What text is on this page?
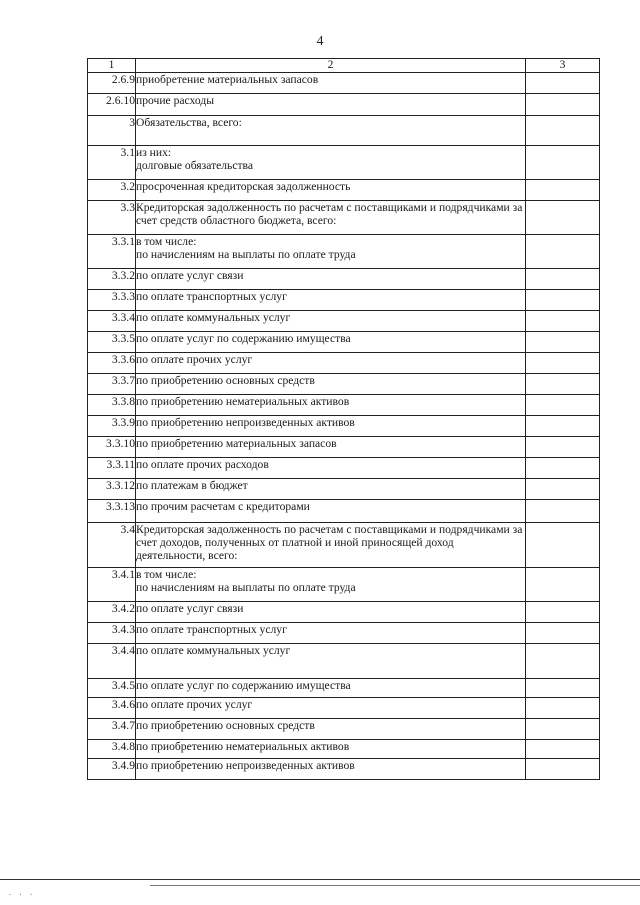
4
1	2	3
2.6.9	приобретение материальных запасов	
2.6.10	прочие расходы	
3	Обязательства, всего:	
3.1	из них:
долговые обязательства	
3.2	просроченная кредиторская задолженность	
3.3	Кредиторская задолженность по расчетам с поставщиками и подрядчиками за счет средств областного бюджета, всего:	
3.3.1	в том числе:
по начислениям на выплаты по оплате труда	
3.3.2	по оплате услуг связи	
3.3.3	по оплате транспортных услуг	
3.3.4	по оплате коммунальных услуг	
3.3.5	по оплате услуг по содержанию имущества	
3.3.6	по оплате прочих услуг	
3.3.7	по приобретению основных средств	
3.3.8	по приобретению нематериальных активов	
3.3.9	по приобретению непроизведенных активов	
3.3.10	по приобретению материальных запасов	
3.3.11	по оплате прочих расходов	
3.3.12	по платежам в бюджет	
3.3.13	по прочим расчетам с кредиторами	
3.4	Кредиторская задолженность по расчетам с поставщиками и подрядчиками за счет доходов, полученных от платной и иной приносящей доход деятельности, всего:	
3.4.1	в том числе:
по начислениям на выплаты по оплате труда	
3.4.2	по оплате услуг связи	
3.4.3	по оплате транспортных услуг	
3.4.4	по оплате коммунальных услуг	
3.4.5	по оплате услуг по содержанию имущества	
3.4.6	по оплате прочих услуг	
3.4.7	по приобретению основных средств	
3.4.8	по приобретению нематериальных активов	
3.4.9	по приобретению непроизведенных активов	
· · ·
